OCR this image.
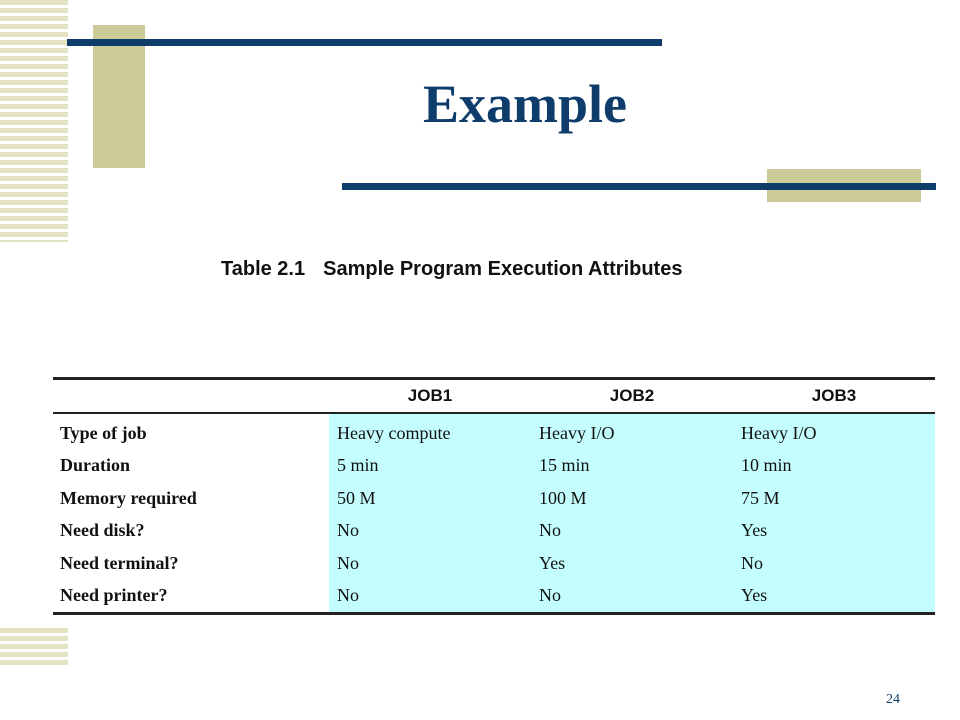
Example

Table 2.1 Sample Program Execution Attributes

	JOB1	JOB2	JOB3
Type of job	Heavy compute	Heavy I/O	Heavy I/O
Duration	5 min	15 min	10 min
Memory required	50 M	100 M	75 M
Need disk?	No	No	Yes
Need terminal?	No	Yes	No
Need printer?	No	No	Yes

24
